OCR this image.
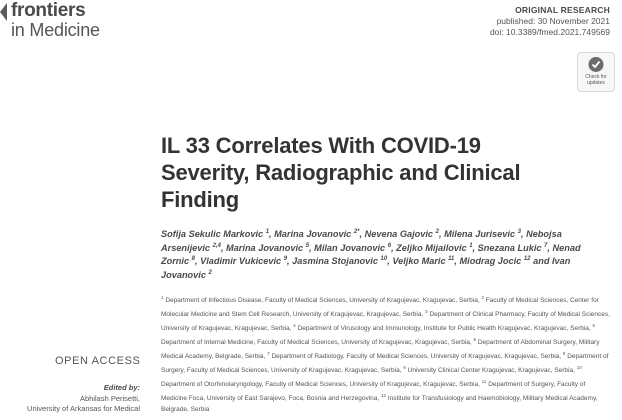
frontiers
in Medicine
ORIGINAL RESEARCH
published: 30 November 2021
doi: 10.3389/fmed.2021.749569
Check for
updates
IL 33 Correlates With COVID-19
Severity, Radiographic and Clinical
Finding
Sofija Sekulic Markovic $^1$, Marina Jovanovic $^{2*}$, Nevena Gajovic $^2$, Milena Jurisevic $^3$, Nebojsa Arsenijevic $^{2,4}$, Marina Jovanovic $^5$, Milan Jovanovic $^6$, Zeljko Mijailovic $^1$, Snezana Lukic $^7$, Nenad Zornic $^8$, Vladimir Vukicevic $^9$, Jasmina Stojanovic $^{10}$, Veljko Maric $^{11}$, Miodrag Jocic $^{12}$ and Ivan Jovanovic $^2$
$^1$ Department of Infectious Disease, Faculty of Medical Sciences, University of Kragujevac, Kragujevac, Serbia, $^2$ Faculty of Medical Sciences, Center for Molecular Medicine and Stem Cell Research, University of Kragujevac, Kragujevac, Serbia, $^3$ Department of Clinical Pharmacy, Faculty of Medical Sciences, University of Kragujevac, Kragujevac, Serbia, $^4$ Department of Virusology and Immunology, Institute for Public Health Kragujevac, Kragujevac, Serbia, $^5$ Department of Internal Medicine, Faculty of Medical Sciences, University of Kragujevac, Kragujevac, Serbia, $^6$ Department of Abdominal Surgery, Military Medical Academy, Belgrade, Serbia, $^7$ Department of Radiology, Faculty of Medical Sciences, University of Kragujevac, Kragujevac, Serbia, $^8$ Department of Surgery, Faculty of Medical Sciences, University of Kragujevac, Kragujevac, Serbia, $^9$ University Clinical Center Kragujevac, Kragujevac, Serbia, $^{10}$ Department of Otorhinolaryngology, Faculty of Medical Sciences, University of Kragujevac, Kragujevac, Serbia, $^{11}$ Department of Surgery, Faculty of Medicine Foca, University of East Sarajevo, Foca, Bosnia and Herzegovina, $^{12}$ Institute for Transfusiology and Haemobiology, Military Medical Academy, Belgrade, Serbia
OPEN ACCESS
Edited by:
Abhilash Perisetti,
University of Arkansas for Medical
